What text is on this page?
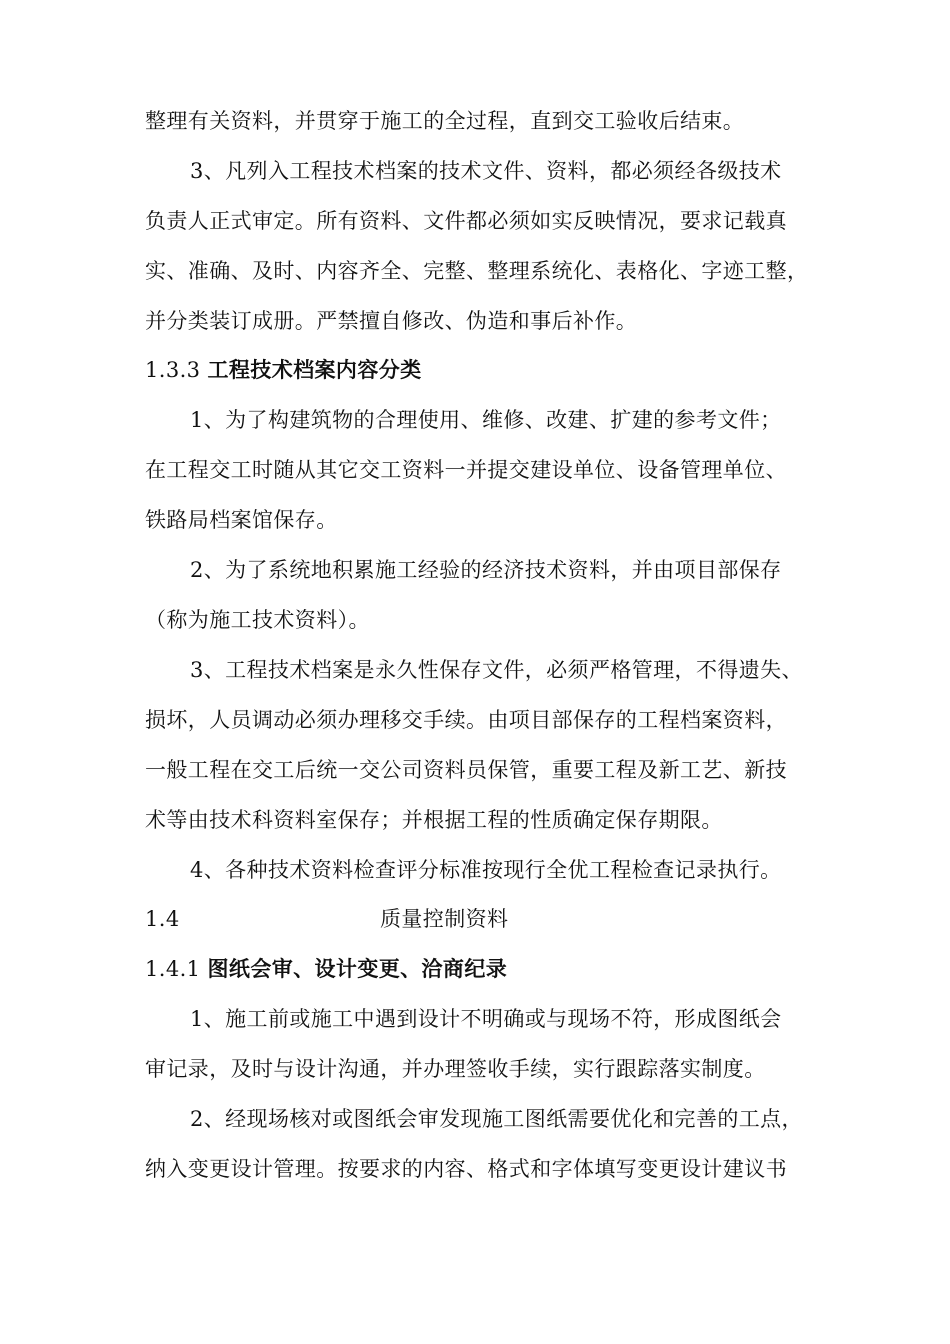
整理有关资料，并贯穿于施工的全过程，直到交工验收后结束。
3、凡列入工程技术档案的技术文件、资料，都必须经各级技术
负责人正式审定。所有资料、文件都必须如实反映情况，要求记载真
实、准确、及时、内容齐全、完整、整理系统化、表格化、字迹工整，
并分类装订成册。严禁擅自修改、伪造和事后补作。
1.3.3 工程技术档案内容分类
1、为了构建筑物的合理使用、维修、改建、扩建的参考文件；
在工程交工时随从其它交工资料一并提交建设单位、设备管理单位、
铁路局档案馆保存。
2、为了系统地积累施工经验的经济技术资料，并由项目部保存
（称为施工技术资料）。
3、工程技术档案是永久性保存文件，必须严格管理，不得遗失、
损坏，人员调动必须办理移交手续。由项目部保存的工程档案资料，
一般工程在交工后统一交公司资料员保管，重要工程及新工艺、新技
术等由技术科资料室保存；并根据工程的性质确定保存期限。
4、各种技术资料检查评分标准按现行全优工程检查记录执行。
1.4	质量控制资料
1.4.1 图纸会审、设计变更、洽商纪录
1、施工前或施工中遇到设计不明确或与现场不符，形成图纸会
审记录，及时与设计沟通，并办理签收手续，实行跟踪落实制度。
2、经现场核对或图纸会审发现施工图纸需要优化和完善的工点，
纳入变更设计管理。按要求的内容、格式和字体填写变更设计建议书
